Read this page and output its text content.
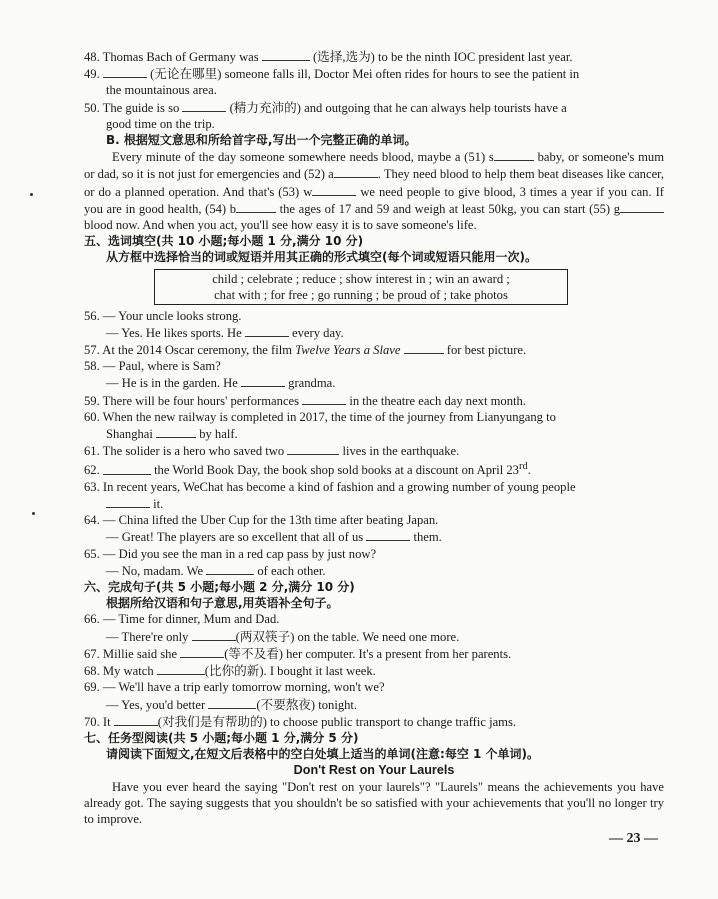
48. Thomas Bach of Germany was	(选择,选为) to be the ninth IOC president last year.
49.	(无论在哪里) someone falls ill, Doctor Mei often rides for hours to see the patient in
the mountainous area.
50. The guide is so	(精力充沛的) and outgoing that he can always help tourists have a
good time on the trip.
B. 根据短文意思和所给首字母,写出一个完整正确的单词。
Every minute of the day someone somewhere needs blood, maybe a (51) s	baby, or someone's mum or dad, so it is not just for emergencies and (52) a	. They need blood to help them beat diseases like cancer, or do a planned operation. And that's (53) w	we need people to give blood, 3 times a year if you can. If you are in good health, (54) b	the ages of 17 and 59 and weigh at least 50kg, you can start (55) g blood now. And when you act, you'll see how easy it is to save someone's life.
五、选词填空(共 10 小题;每小题 1 分,满分 10 分)
从方框中选择恰当的词或短语并用其正确的形式填空(每个词或短语只能用一次)。
child ; celebrate ; reduce ; show interest in ; win an award ;
chat with ; for free ; go running ; be proud of ; take photos
56. — Your uncle looks strong.
— Yes. He likes sports. He	every day.
57. At the 2014 Oscar ceremony, the film Twelve Years a Slave	for best picture.
58. — Paul, where is Sam?
— He is in the garden. He	grandma.
59. There will be four hours' performances	in the theatre each day next month.
60. When the new railway is completed in 2017, the time of the journey from Lianyungang to
Shanghai	by half.
61. The solider is a hero who saved two	lives in the earthquake.
62.	the World Book Day, the book shop sold books at a discount on April 23rd.
63. In recent years, WeChat has become a kind of fashion and a growing number of young people
it.
64. — China lifted the Uber Cup for the 13th time after beating Japan.
— Great! The players are so excellent that all of us	them.
65. — Did you see the man in a red cap pass by just now?
— No, madam. We	of each other.
六、完成句子(共 5 小题;每小题 2 分,满分 10 分)
根据所给汉语和句子意思,用英语补全句子。
66. — Time for dinner, Mum and Dad.
— There're only	(两双筷子) on the table. We need one more.
67. Millie said she	(等不及看) her computer. It's a present from her parents.
68. My watch	(比你的新). I bought it last week.
69. — We'll have a trip early tomorrow morning, won't we?
— Yes, you'd better	(不要熬夜) tonight.
70. It	(对我们是有帮助的) to choose public transport to change traffic jams.
七、任务型阅读(共 5 小题;每小题 1 分,满分 5 分)
请阅读下面短文,在短文后表格中的空白处填上适当的单词(注意:每空 1 个单词)。
Don't Rest on Your Laurels
Have you ever heard the saying "Don't rest on your laurels"? "Laurels" means the achievements you have already got. The saying suggests that you shouldn't be so satisfied with your achievements that you'll no longer try to improve.
— 23 —
